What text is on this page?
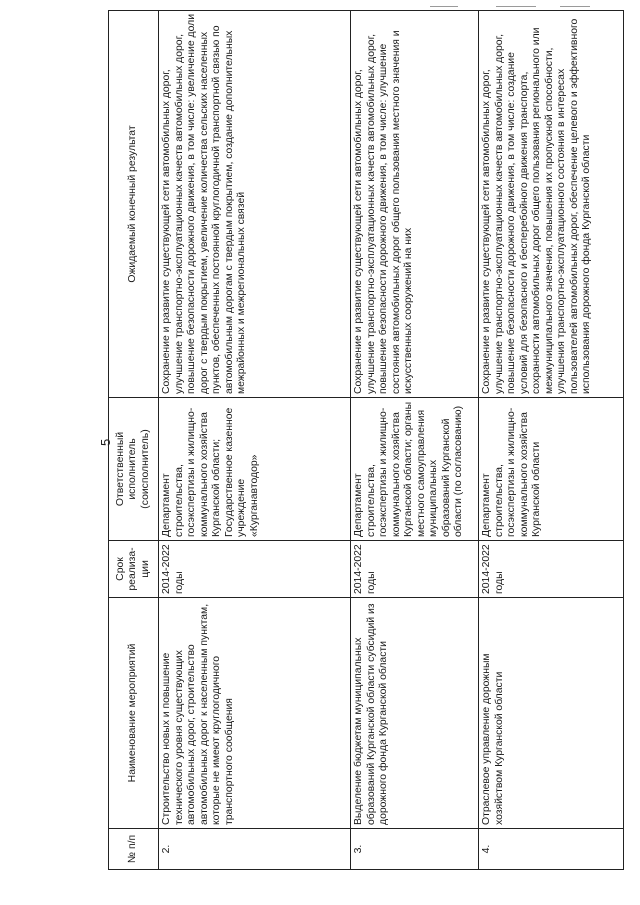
5
№ п/п	Наименование мероприятий	Срок реализа-ции	Ответственный исполнитель (соисполнитель)	Ожидаемый конечный результат
2.	Строительство новых и повышение технического уровня существующих автомобильных дорог, строительство автомобильных дорог к населенным пунктам, которые не имеют круглогодичного транспортного сообщения	2014-2022 годы	Департамент строительства, госэкспертизы и жилищно-коммунального хозяйства Курганской области; Государственное казенное учреждение «Курганавтодор»	Сохранение и развитие существующей сети автомобильных дорог, улучшение транспортно-эксплуатационных качеств автомобильных дорог, повышение безопасности дорожного движения, в том числе: увеличение доли дорог с твердым покрытием, увеличение количества сельских населенных пунктов, обеспеченных постоянной круглогодичной транспортной связью по автомобильным дорогам с твердым покрытием, создание дополнительных межрайонных и межрегиональных связей
3.	Выделение бюджетам муниципальных образований Курганской области субсидий из дорожного фонда Курганской области	2014-2022 годы	Департамент строительства, госэкспертизы и жилищно-коммунального хозяйства Курганской области; органы местного самоуправления муниципальных образований Курганской области (по согласованию)	Сохранение и развитие существующей сети автомобильных дорог, улучшение транспортно-эксплуатационных качеств автомобильных дорог, повышение безопасности дорожного движения, в том числе: улучшение состояния автомобильных дорог общего пользования местного значения и искусственных сооружений на них
4.	Отраслевое управление дорожным хозяйством Курганской области	2014-2022 годы	Департамент строительства, госэкспертизы и жилищно-коммунального хозяйства Курганской области	Сохранение и развитие существующей сети автомобильных дорог, улучшение транспортно-эксплуатационных качеств автомобильных дорог, повышение безопасности дорожного движения, в том числе: создание условий для безопасного и бесперебойного движения транспорта, сохранности автомобильных дорог общего пользования регионального или межмуниципального значения, повышения их пропускной способности, улучшения транспортно-эксплуатационного состояния в интересах пользователей автомобильных дорог, обеспечение целевого и эффективного использования дорожного фонда Курганской области
